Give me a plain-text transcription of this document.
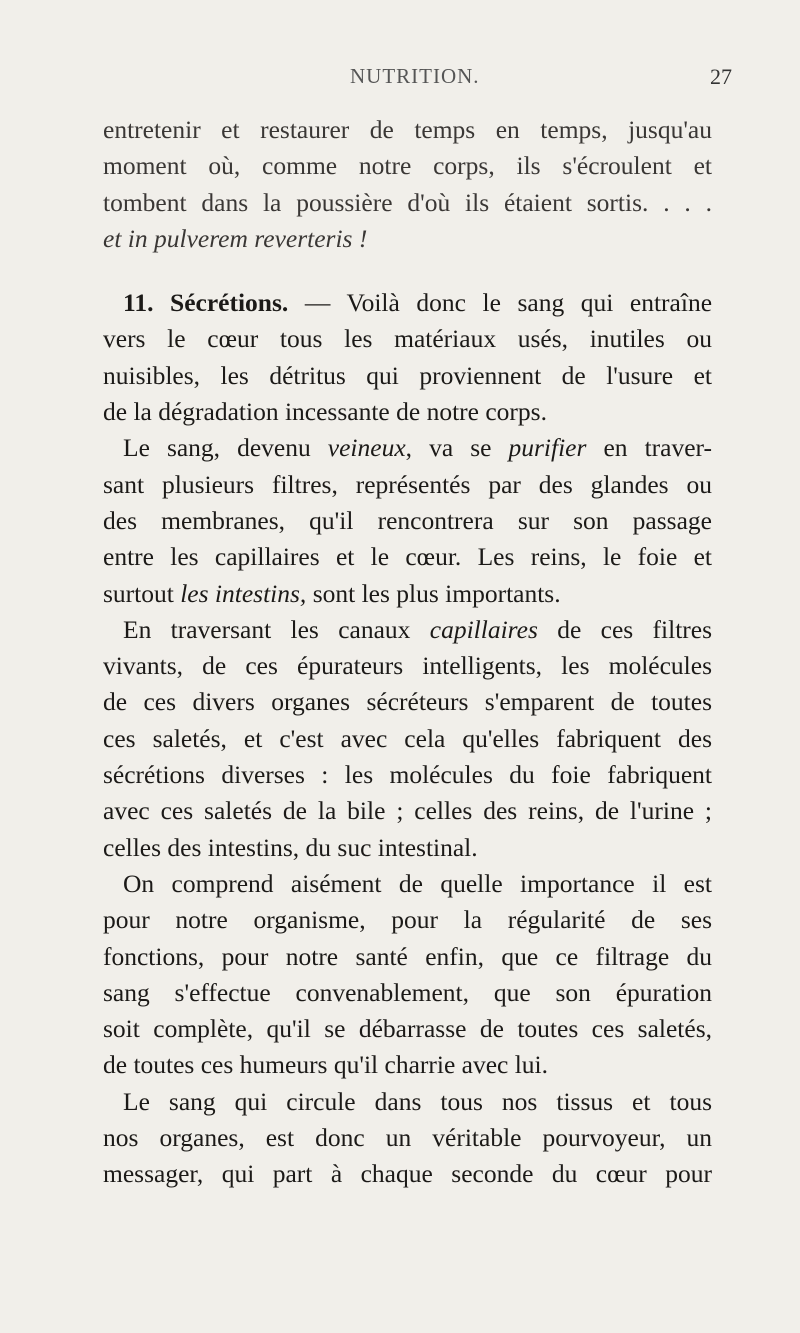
NUTRITION.	27
entretenir et restaurer de temps en temps, jusqu'au
moment où, comme notre corps, ils s'écroulent et
tombent dans la poussière d'où ils étaient sortis. . . .
et in pulverem reverteris !
11. Sécrétions. — Voilà donc le sang qui entraîne
vers le cœur tous les matériaux usés, inutiles ou
nuisibles, les détritus qui proviennent de l'usure et
de la dégradation incessante de notre corps.
Le sang, devenu veineux, va se purifier en traver-
sant plusieurs filtres, représentés par des glandes ou
des membranes, qu'il rencontrera sur son passage
entre les capillaires et le cœur. Les reins, le foie et
surtout les intestins, sont les plus importants.
En traversant les canaux capillaires de ces filtres
vivants, de ces épurateurs intelligents, les molécules
de ces divers organes sécréteurs s'emparent de toutes
ces saletés, et c'est avec cela qu'elles fabriquent des
sécrétions diverses : les molécules du foie fabriquent
avec ces saletés de la bile ; celles des reins, de l'urine ;
celles des intestins, du suc intestinal.
On comprend aisément de quelle importance il est
pour notre organisme, pour la régularité de ses
fonctions, pour notre santé enfin, que ce filtrage du
sang s'effectue convenablement, que son épuration
soit complète, qu'il se débarrasse de toutes ces saletés,
de toutes ces humeurs qu'il charrie avec lui.
Le sang qui circule dans tous nos tissus et tous
nos organes, est donc un véritable pourvoyeur, un
messager, qui part à chaque seconde du cœur pour
